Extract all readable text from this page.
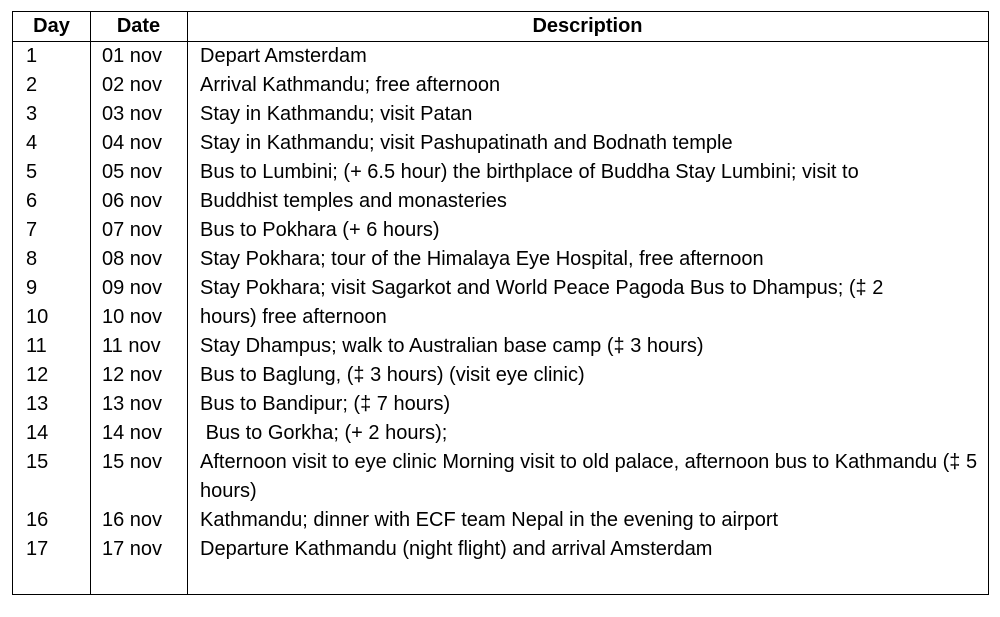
Day	Date	Description
1	01 nov	Depart Amsterdam
2	02 nov	Arrival Kathmandu; free afternoon
3	03 nov	Stay in Kathmandu; visit Patan
4	04 nov	Stay in Kathmandu; visit Pashupatinath and Bodnath temple
5	05 nov	Bus to Lumbini; (+ 6.5 hour) the birthplace of Buddha Stay Lumbini; visit to
6	06 nov	Buddhist temples and monasteries
7	07 nov	Bus to Pokhara (+ 6 hours)
8	08 nov	Stay Pokhara; tour of the Himalaya Eye Hospital, free afternoon
9	09 nov	Stay Pokhara; visit Sagarkot and World Peace Pagoda Bus to Dhampus; (‡ 2
10	10 nov	hours) free afternoon
11	11 nov	Stay Dhampus; walk to Australian base camp (‡ 3 hours)
12	12 nov	Bus to Baglung, (‡ 3 hours) (visit eye clinic)
13	13 nov	Bus to Bandipur; (‡ 7 hours)
14	14 nov	Bus to Gorkha; (+ 2 hours);
15	15 nov	Afternoon visit to eye clinic Morning visit to old palace, afternoon bus to Kathmandu (‡ 5 hours)
16	16 nov	Kathmandu; dinner with ECF team Nepal in the evening to airport
17	17 nov	Departure Kathmandu (night flight) and arrival Amsterdam
